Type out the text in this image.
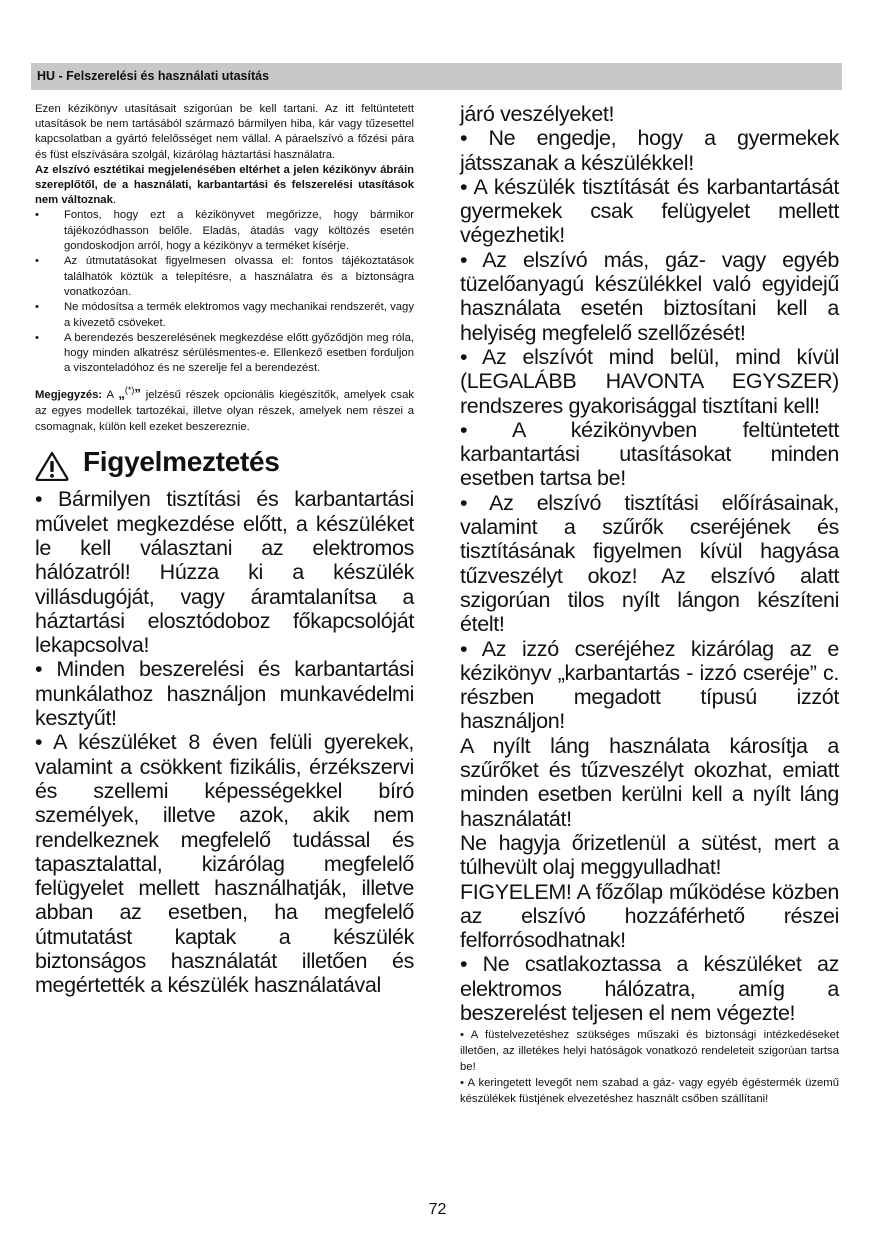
HU - Felszerelési és használati utasítás

Ezen kézikönyv utasításait szigorúan be kell tartani. Az itt feltüntetett utasítások be nem tartásából származó bármilyen hiba, kár vagy tűzesettel kapcsolatban a gyártó felelősséget nem vállal. A páraelszívó a főzési pára és füst elszívására szolgál, kizárólag háztartási használatra.

Az elszívó esztétikai megjelenésében eltérhet a jelen kézikönyv ábráin szereplőtől, de a használati, karbantartási és felszerelési utasítások nem változnak.

• Fontos, hogy ezt a kézikönyvet megőrizze, hogy bármikor tájékozódhasson belőle. Eladás, átadás vagy költözés esetén gondoskodjon arról, hogy a kézikönyv a terméket kísérje.
• Az útmutatásokat figyelmesen olvassa el: fontos tájékoztatások találhatók köztük a telepítésre, a használatra és a biztonságra vonatkozóan.
• Ne módosítsa a termék elektromos vagy mechanikai rendszerét, vagy a kivezető csöveket.
• A berendezés beszerelésének megkezdése előtt győződjön meg róla, hogy minden alkatrész sérülésmentes-e. Ellenkező esetben forduljon a viszonteladóhoz és ne szerelje fel a berendezést.

Megjegyzés: A „(*)” jelzésű részek opcionális kiegészítők, amelyek csak az egyes modellek tartozékai, illetve olyan részek, amelyek nem részei a csomagnak, külön kell ezeket beszereznie.

Figyelmeztetés

• Bármilyen tisztítási és karbantartási művelet megkezdése előtt, a készüléket le kell választani az elektromos hálózatról! Húzza ki a készülék villásdugóját, vagy áramtalanítsa a háztartási elosztódoboz főkapcsolóját lekapcsolva!

• Minden beszerelési és karbantartási munkálathoz használjon munkavédelmi kesztyűt!

• A készüléket 8 éven felüli gyerekek, valamint a csökkent fizikális, érzékszervi és szellemi képességekkel bíró személyek, illetve azok, akik nem rendelkeznek megfelelő tudással és tapasztalattal, kizárólag megfelelő felügyelet mellett használhatják, illetve abban az esetben, ha megfelelő útmutatást kaptak a készülék biztonságos használatát illetően és megértették a készülék használatával

járó veszélyeket!

• Ne engedje, hogy a gyermekek játsszanak a készülékkel!

• A készülék tisztítását és karbantartását gyermekek csak felügyelet mellett végezhetik!

• Az elszívó más, gáz- vagy egyéb tüzelőanyagú készülékkel való egyidejű használata esetén biztosítani kell a helyiség megfelelő szellőzését!

• Az elszívót mind belül, mind kívül (LEGALÁBB HAVONTA EGYSZER) rendszeres gyakorisággal tisztítani kell!

• A kézikönyvben feltüntetett karbantartási utasításokat minden esetben tartsa be!

• Az elszívó tisztítási előírásainak, valamint a szűrők cseréjének és tisztításának figyelmen kívül hagyása tűzveszélyt okoz! Az elszívó alatt szigorúan tilos nyílt lángon készíteni ételt!

• Az izzó cseréjéhez kizárólag az e kézikönyv „karbantartás - izzó cseréje” c. részben megadott típusú izzót használjon!

A nyílt láng használata károsítja a szűrőket és tűzveszélyt okozhat, emiatt minden esetben kerülni kell a nyílt láng használatát!

Ne hagyja őrizetlenül a sütést, mert a túlhevült olaj meggyulladhat!

FIGYELEM! A főzőlap működése közben az elszívó hozzáférhető részei felforrósodhatnak!

• Ne csatlakoztassa a készüléket az elektromos hálózatra, amíg a beszerelést teljesen el nem végezte!

• A füstelvezetéshez szükséges műszaki és biztonsági intézkedéseket illetően, az illetékes helyi hatóságok vonatkozó rendeleteit szigorúan tartsa be!

• A keringetett levegőt nem szabad a gáz- vagy egyéb égéstermék üzemű készülékek füstjének elvezetéshez használt csőben szállítani!

72
